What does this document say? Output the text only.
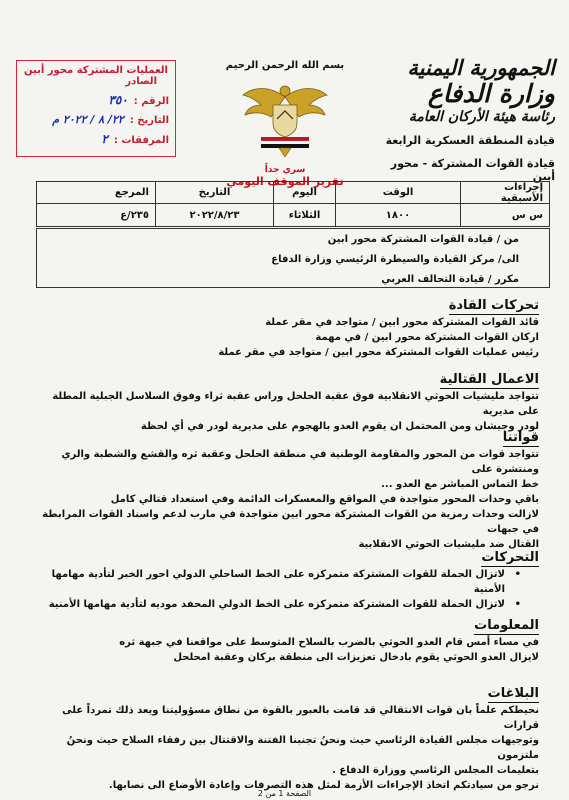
الجمهورية اليمنية
وزارة الدفاع
رئاسة هيئة الأركان العامة
قيادة المنطقة العسكرية الرابعة
قيادة القوات المشتركة - محور أبين
بسم الله الرحمن الرحيم
سري جداً
تقرير الموقف اليومي
العمليات المشتركة محور أبين
الصادر
الرقم :
٣٥٠
التاريخ :
٢٢/ ٨ / ٢٠٢٢ م
المرفقات :
٢
إجراءات الأسبقية
الوقت
اليوم
التاريخ
المرجع
س س
١٨٠٠
الثلاثاء
٢٠٢٢/٨/٢٣
٢٣٥/ع
من / قيادة القوات المشتركة محور ابين
الى/ مركز القيادة والسيطرة الرئيسي وزارة الدفاع
مكرر / قيادة التحالف العربي
تحركات القادة
قائد القوات المشتركة محور ابين / متواجد في مقر عملة
اركان القوات المشتركة محور ابين / في مهمة
رئيس عمليات القوات المشتركة محور ابين / متواجد في مقر عملة
الاعمال القتالية
تتواجد مليشيات الحوثي الانقلابية فوق عقبة الحلحل وراس عقبة ثراء وفوق السلاسل الجبلية المطلة على مديرية
لودر وجيشان ومن المحتمل ان يقوم العدو بالهجوم على مديرية لودر في أي لحظة
قواتنا
تتواجد قوات من المحور والمقاومة الوطنية في منطقة الحلحل وعقبة ثره والقشع والشطبة والري ومنتشرة على
خط التماس المباشر مع العدو ...
باقي وحدات المحور متواجدة في المواقع والمعسكرات الدائمة وفي استعداد قتالي كامل
لازالت وحدات رمزية من القوات المشتركة محور ابين متواجدة في مارب لدعم واسناد القوات المرابطة في جبهات
القتال ضد مليشيات الحوثي الانقلابية
التحركات
• لاتزال الحملة للقوات المشتركة متمركزه على الخط الساحلي الدولي احور الخبر لتأدية مهامها الأمنية
• لاتزال الحملة للقوات المشتركة متمركزه على الخط الدولي المحفد موديه لتأدية مهامها الأمنية
المعلومات
في مساء أمس قام العدو الحوثي بالضرب بالسلاح المتوسط على مواقعنا في جبهة ثره
لايزال العدو الحوثي يقوم بادخال تعزيزات الى منطقة بركان وعقبة امحلحل
البلاغات
نحيطكم علماً بان قوات الانتقالي قد قامت بالعبور بالقوة من نطاق مسؤوليتنا ويعد ذلك تمرداً على قرارات
وتوجيهات مجلس القيادة الرئاسي حيث ونحنُ تجنبنا الفتنة والاقتتال بين رفقاء السلاح حيث ونحنُ ملتزمون
بتعليمات المجلس الرئاسي ووزارة الدفاع .
نرجو من سيادتكم اتخاذ الإجراءات الأزمة لمثل هذه التصرفات وإعادة الأوضاع الى نصابها.
الصفحة 1 من 2
